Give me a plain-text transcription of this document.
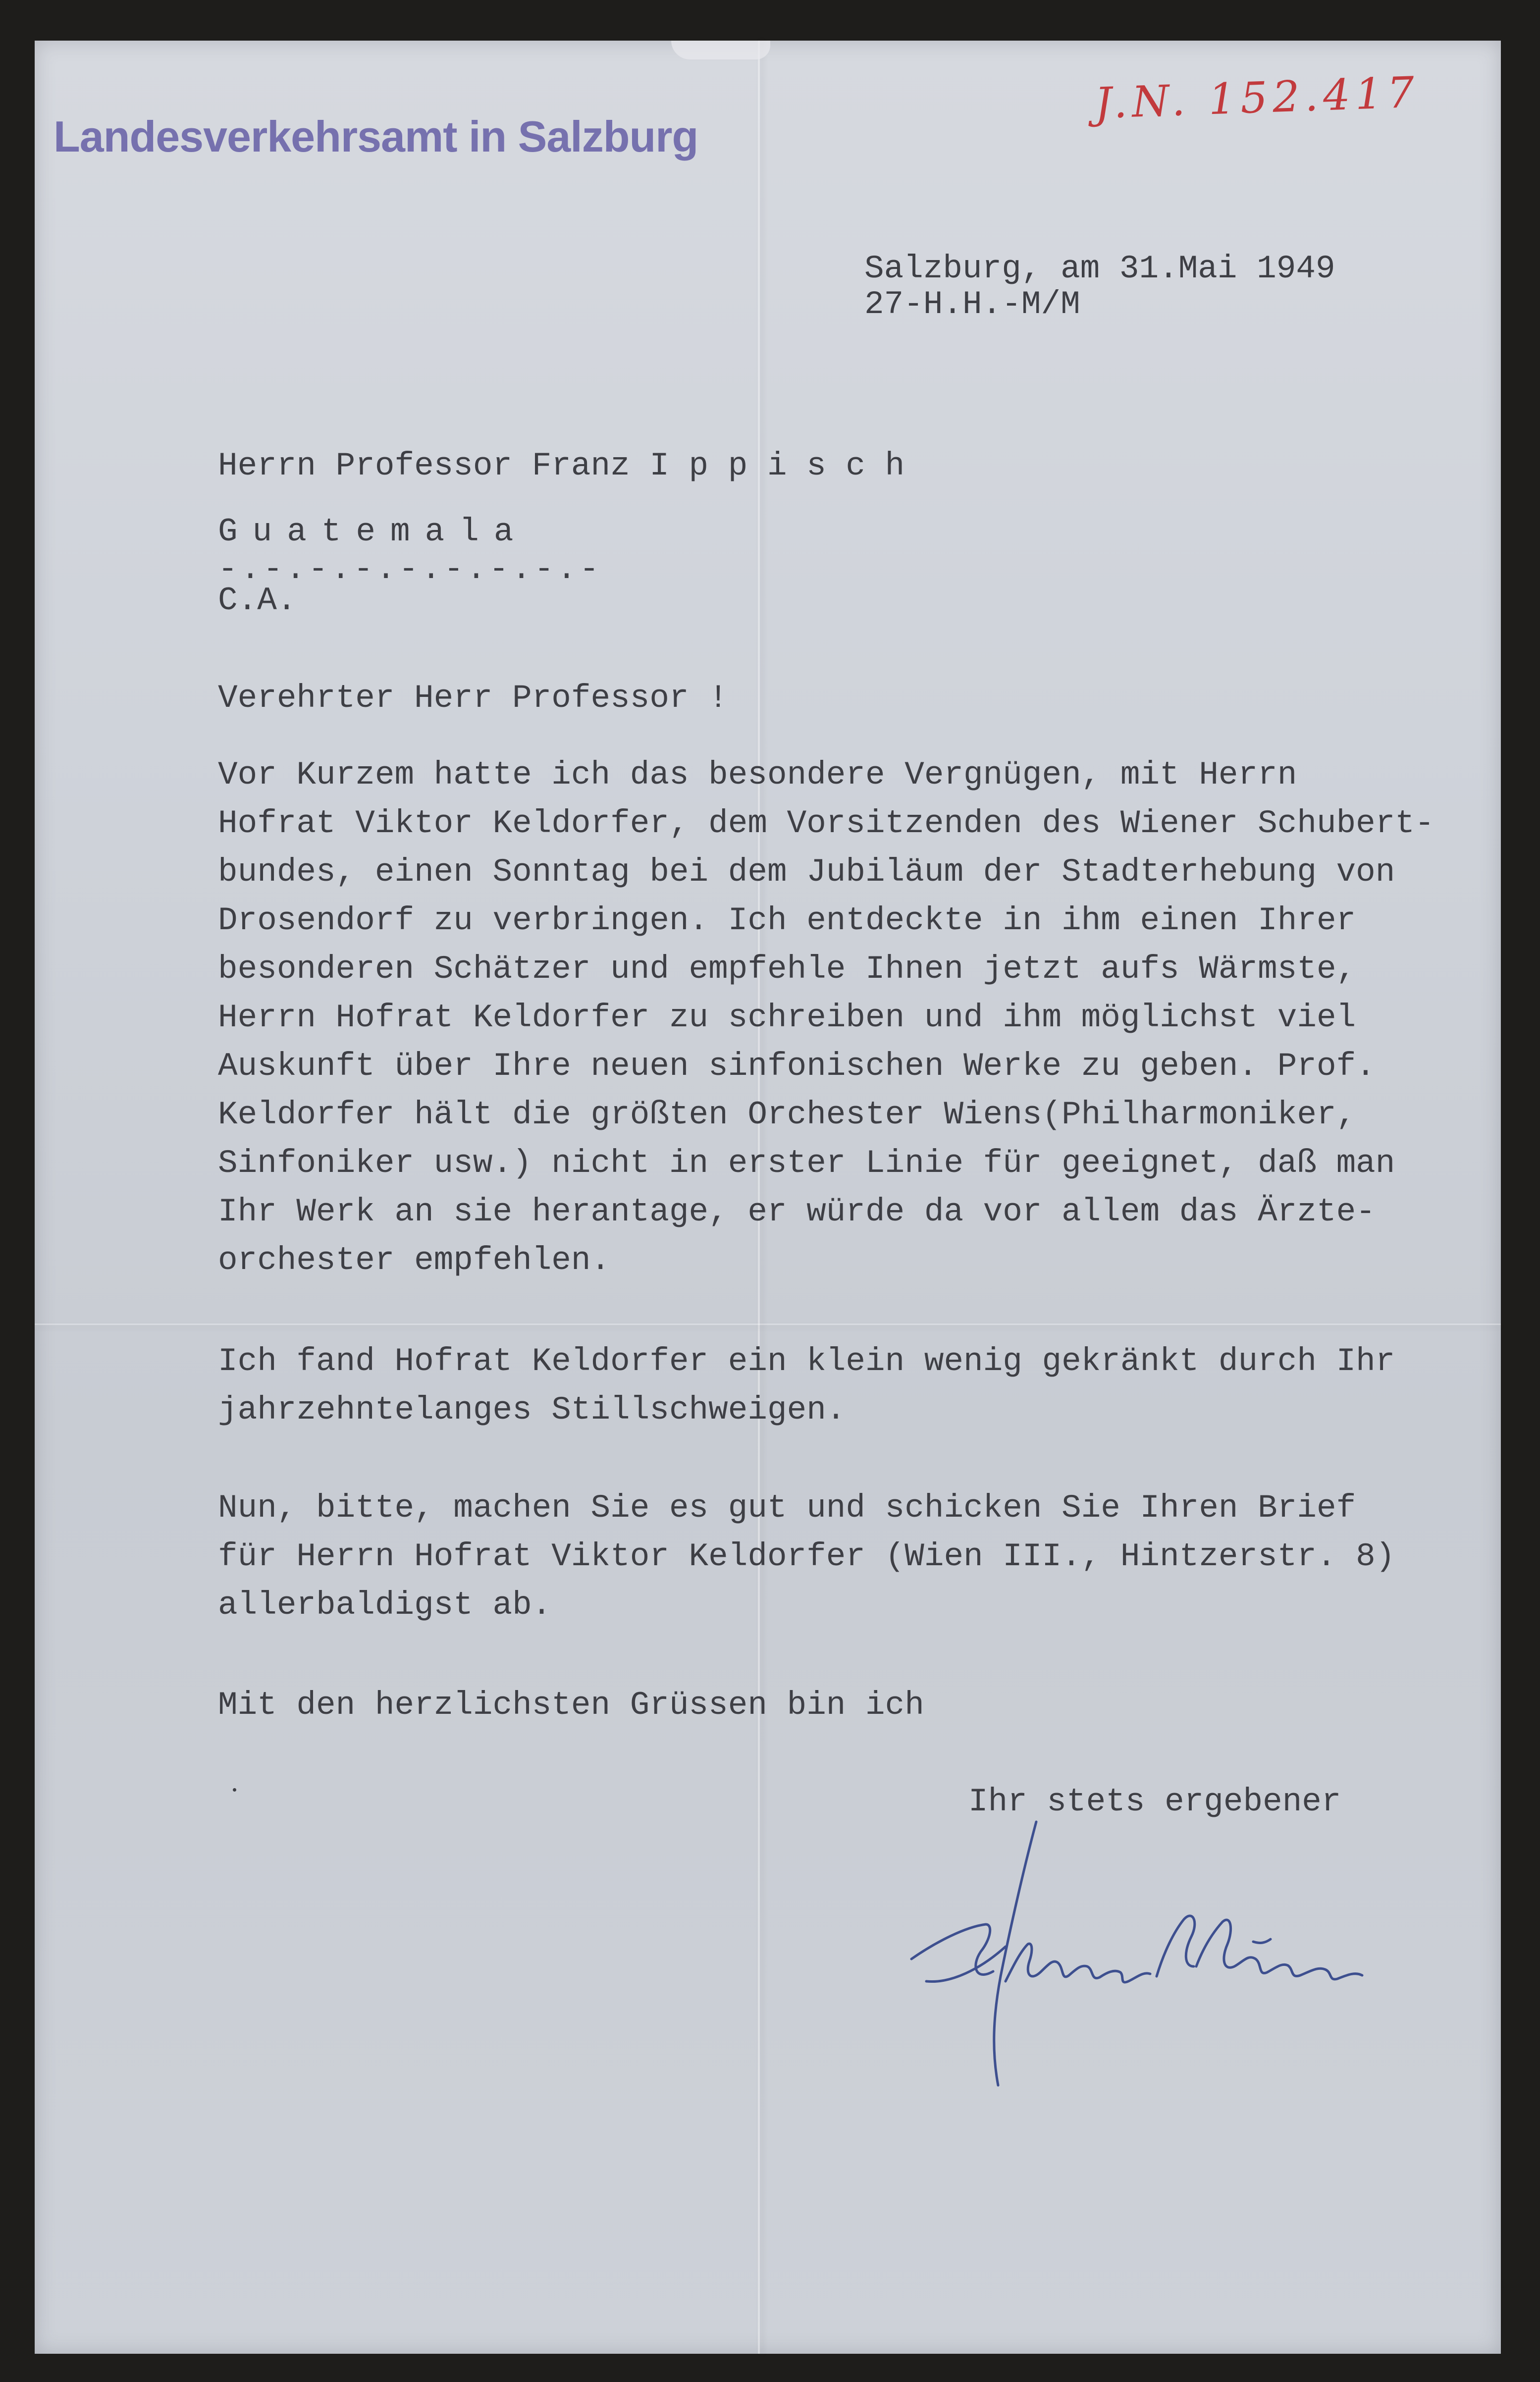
Landesverkehrsamt in Salzburg
J.N. 152.417
Salzburg, am 31.Mai 1949
27-H.H.-M/M
Herrn Professor Franz I p p i s c h
Guatemala
-.-.-.-.-.-.-.-.-
C.A.
Verehrter Herr Professor !
Vor Kurzem hatte ich das besondere Vergnügen, mit Herrn
Hofrat Viktor Keldorfer, dem Vorsitzenden des Wiener Schubert-
bundes, einen Sonntag bei dem Jubiläum der Stadterhebung von
Drosendorf zu verbringen. Ich entdeckte in ihm einen Ihrer
besonderen Schätzer und empfehle Ihnen jetzt aufs Wärmste,
Herrn Hofrat Keldorfer zu schreiben und ihm möglichst viel
Auskunft über Ihre neuen sinfonischen Werke zu geben. Prof.
Keldorfer hält die größten Orchester Wiens(Philharmoniker,
Sinfoniker usw.) nicht in erster Linie für geeignet, daß man
Ihr Werk an sie herantage, er würde da vor allem das Ärzte-
orchester empfehlen.
Ich fand Hofrat Keldorfer ein klein wenig gekränkt durch Ihr
jahrzehntelanges Stillschweigen.
Nun, bitte, machen Sie es gut und schicken Sie Ihren Brief
für Herrn Hofrat Viktor Keldorfer (Wien III., Hintzerstr. 8)
allerbaldigst ab.
Mit den herzlichsten Grüssen bin ich
Ihr stets ergebener
